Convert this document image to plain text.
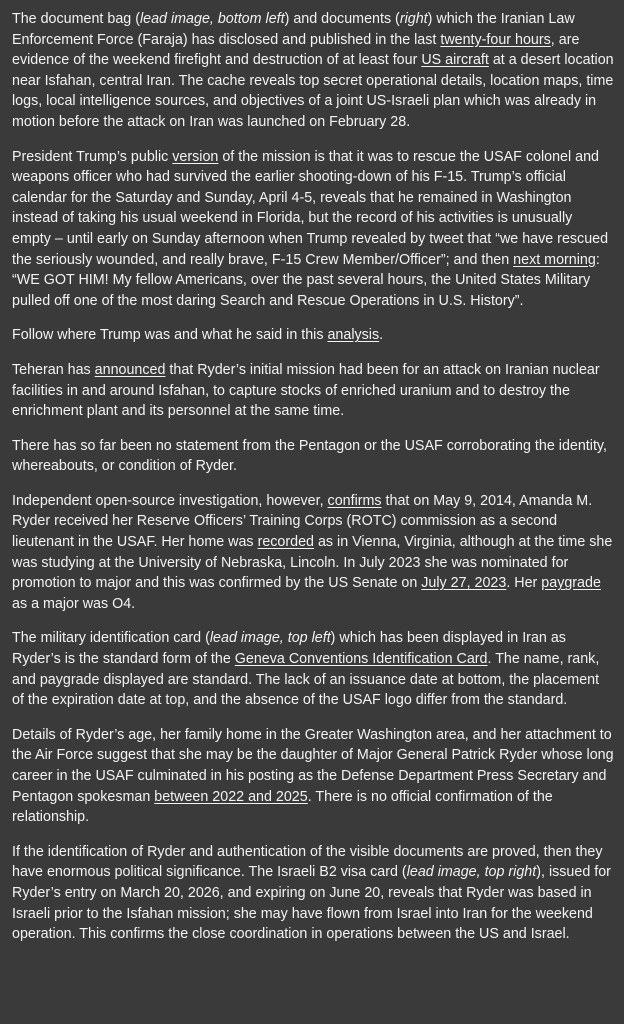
The document bag (lead image, bottom left) and documents (right) which the Iranian Law Enforcement Force (Faraja) has disclosed and published in the last twenty-four hours, are evidence of the weekend firefight and destruction of at least four US aircraft at a desert location near Isfahan, central Iran. The cache reveals top secret operational details, location maps, time logs, local intelligence sources, and objectives of a joint US-Israeli plan which was already in motion before the attack on Iran was launched on February 28.

President Trump’s public version of the mission is that it was to rescue the USAF colonel and weapons officer who had survived the earlier shooting-down of his F-15. Trump’s official calendar for the Saturday and Sunday, April 4-5, reveals that he remained in Washington instead of taking his usual weekend in Florida, but the record of his activities is unusually empty – until early on Sunday afternoon when Trump revealed by tweet that “we have rescued the seriously wounded, and really brave, F-15 Crew Member/Officer”; and then next morning: “WE GOT HIM! My fellow Americans, over the past several hours, the United States Military pulled off one of the most daring Search and Rescue Operations in U.S. History”.

Follow where Trump was and what he said in this analysis.

Teheran has announced that Ryder’s initial mission had been for an attack on Iranian nuclear facilities in and around Isfahan, to capture stocks of enriched uranium and to destroy the enrichment plant and its personnel at the same time.

There has so far been no statement from the Pentagon or the USAF corroborating the identity, whereabouts, or condition of Ryder.

Independent open-source investigation, however, confirms that on May 9, 2014, Amanda M. Ryder received her Reserve Officers’ Training Corps (ROTC) commission as a second lieutenant in the USAF. Her home was recorded as in Vienna, Virginia, although at the time she was studying at the University of Nebraska, Lincoln. In July 2023 she was nominated for promotion to major and this was confirmed by the US Senate on July 27, 2023. Her paygrade as a major was O4.

The military identification card (lead image, top left) which has been displayed in Iran as Ryder’s is the standard form of the Geneva Conventions Identification Card. The name, rank, and paygrade displayed are standard. The lack of an issuance date at bottom, the placement of the expiration date at top, and the absence of the USAF logo differ from the standard.

Details of Ryder’s age, her family home in the Greater Washington area, and her attachment to the Air Force suggest that she may be the daughter of Major General Patrick Ryder whose long career in the USAF culminated in his posting as the Defense Department Press Secretary and Pentagon spokesman between 2022 and 2025. There is no official confirmation of the relationship.

If the identification of Ryder and authentication of the visible documents are proved, then they have enormous political significance. The Israeli B2 visa card (lead image, top right), issued for Ryder’s entry on March 20, 2026, and expiring on June 20, reveals that Ryder was based in Israeli prior to the Isfahan mission; she may have flown from Israel into Iran for the weekend operation. This confirms the close coordination in operations between the US and Israel.
